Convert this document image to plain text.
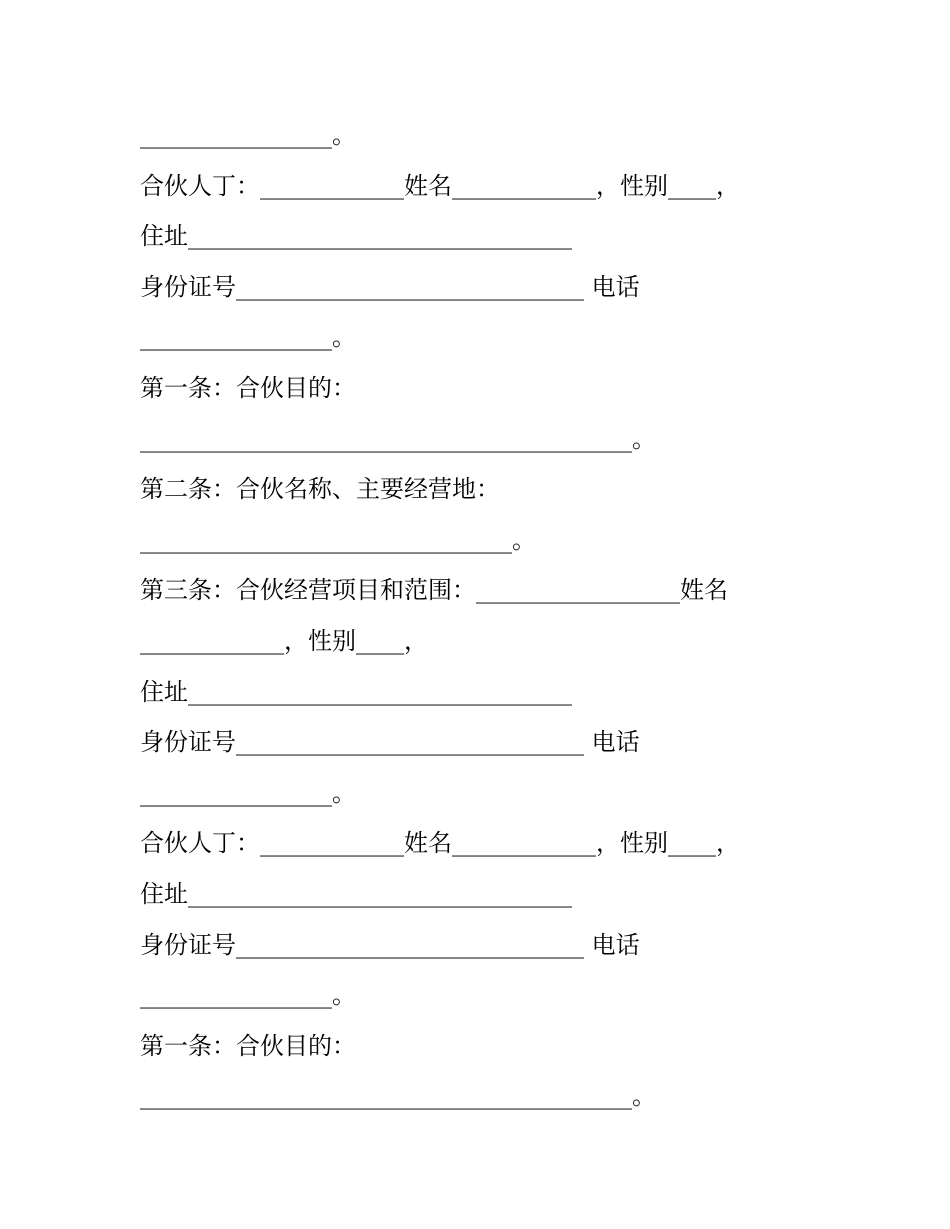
________________。
合伙人丁：____________姓名____________，性别____，
住址________________________________
身份证号_____________________________ 电话
________________。
第一条：合伙目的：
_________________________________________。
第二条：合伙名称、主要经营地：
_______________________________。
第三条：合伙经营项目和范围：_________________姓名
____________，性别____，
住址________________________________
身份证号_____________________________ 电话
________________。
合伙人丁：____________姓名____________，性别____，
住址________________________________
身份证号_____________________________ 电话
________________。
第一条：合伙目的：
_________________________________________。
